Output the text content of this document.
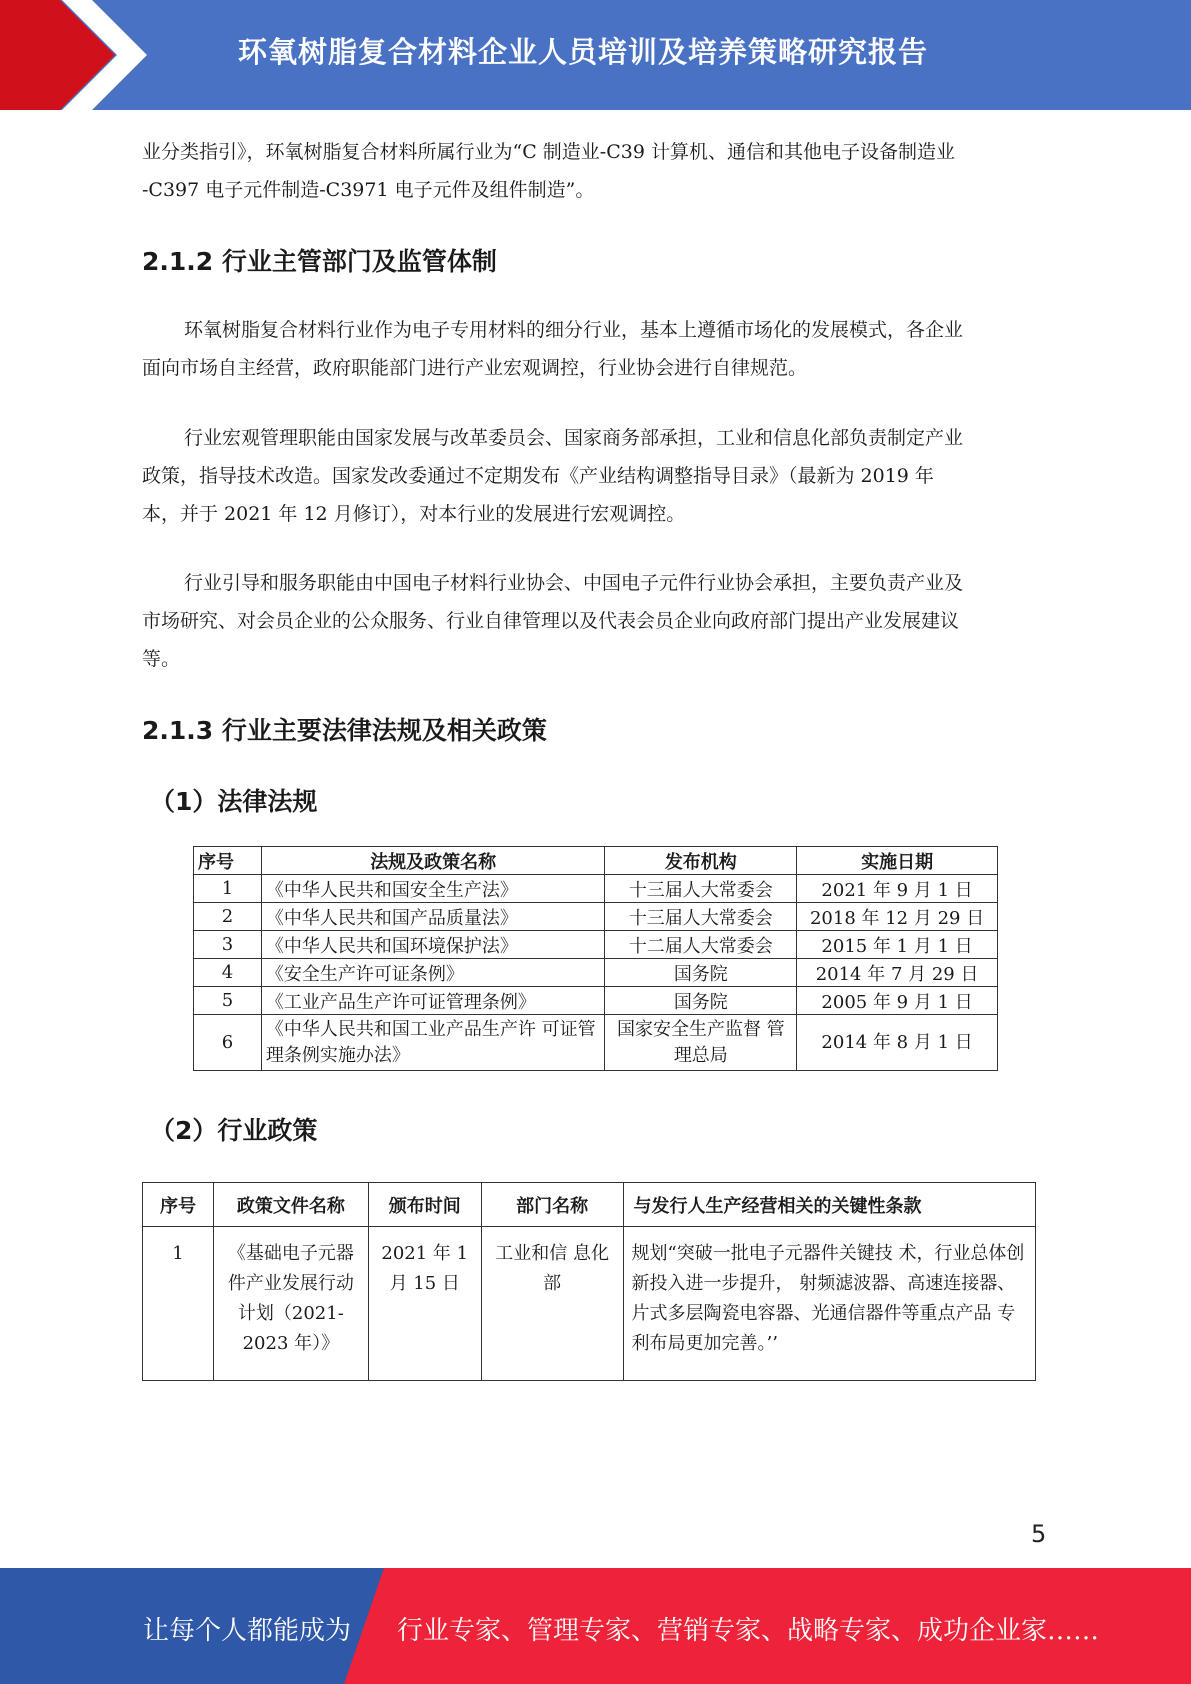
环氧树脂复合材料企业人员培训及培养策略研究报告
业分类指引》，环氧树脂复合材料所属行业为“C 制造业-C39 计算机、通信和其他电子设备制造业
-C397 电子元件制造-C3971 电子元件及组件制造”。
2.1.2 行业主管部门及监管体制
环氧树脂复合材料行业作为电子专用材料的细分行业，基本上遵循市场化的发展模式，各企业
面向市场自主经营，政府职能部门进行产业宏观调控，行业协会进行自律规范。
行业宏观管理职能由国家发展与改革委员会、国家商务部承担，工业和信息化部负责制定产业
政策，指导技术改造。国家发改委通过不定期发布《产业结构调整指导目录》（最新为 2019 年
本，并于 2021 年 12 月修订），对本行业的发展进行宏观调控。
行业引导和服务职能由中国电子材料行业协会、中国电子元件行业协会承担，主要负责产业及
市场研究、对会员企业的公众服务、行业自律管理以及代表会员企业向政府部门提出产业发展建议
等。
2.1.3 行业主要法律法规及相关政策
（1）法律法规
序号	法规及政策名称	发布机构	实施日期
1	《中华人民共和国安全生产法》	十三届人大常委会	2021 年 9 月 1 日
2	《中华人民共和国产品质量法》	十三届人大常委会	2018 年 12 月 29 日
3	《中华人民共和国环境保护法》	十二届人大常委会	2015 年 1 月 1 日
4	《安全生产许可证条例》	国务院	2014 年 7 月 29 日
5	《工业产品生产许可证管理条例》	国务院	2005 年 9 月 1 日
6	《中华人民共和国工业产品生产许 可证管理条例实施办法》	国家安全生产监督 管理总局	2014 年 8 月 1 日
（2）行业政策
序号	政策文件名称	颁布时间	部门名称	与发行人生产经营相关的关键性条款
1	《基础电子元器件产业发展行动计划（2021-2023 年）》	2021 年 1 月 15 日	工业和信 息化部	规划“突破一批电子元器件关键技 术，行业总体创新投入进一步提升， 射频滤波器、高速连接器、片式多层陶瓷电容器、光通信器件等重点产品 专利布局更加完善。’’
5
让每个人都能成为 行业专家、管理专家、营销专家、战略专家、成功企业家……
